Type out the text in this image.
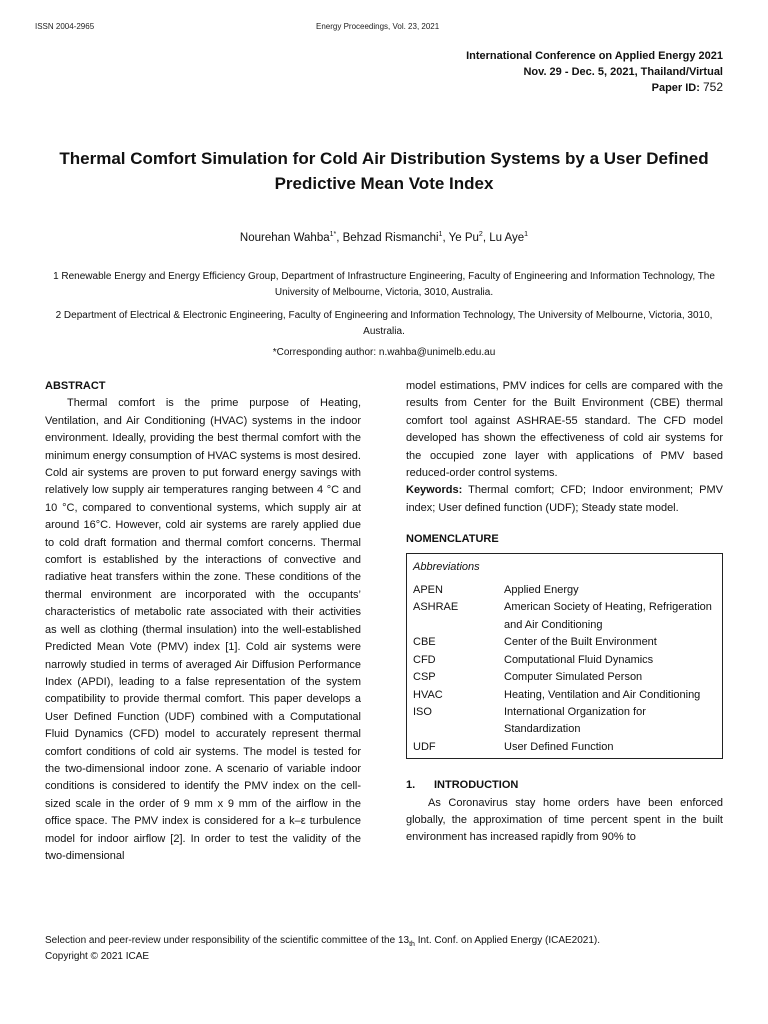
ISSN 2004-2965	Energy Proceedings, Vol. 23, 2021
International Conference on Applied Energy 2021
Nov. 29 - Dec. 5, 2021, Thailand/Virtual
Paper ID: 752
Thermal Comfort Simulation for Cold Air Distribution Systems by a User Defined Predictive Mean Vote Index
Nourehan Wahba$^{1*}$, Behzad Rismanchi$^1$, Ye Pu$^2$, Lu Aye$^1$
1 Renewable Energy and Energy Efficiency Group, Department of Infrastructure Engineering, Faculty of Engineering and Information Technology, The University of Melbourne, Victoria, 3010, Australia.
2 Department of Electrical & Electronic Engineering, Faculty of Engineering and Information Technology, The University of Melbourne, Victoria, 3010, Australia.
*Corresponding author: n.wahba@unimelb.edu.au
ABSTRACT

Thermal comfort is the prime purpose of Heating, Ventilation, and Air Conditioning (HVAC) systems in the indoor environment. Ideally, providing the best thermal comfort with the minimum energy consumption of HVAC systems is most desired. Cold air systems are proven to put forward energy savings with relatively low supply air temperatures ranging between 4 °C and 10 °C, compared to conventional systems, which supply air at around 16°C. However, cold air systems are rarely applied due to cold draft formation and thermal comfort concerns. Thermal comfort is established by the interactions of convective and radiative heat transfers within the zone. These conditions of the thermal environment are incorporated with the occupants’ characteristics of metabolic rate associated with their activities as well as clothing (thermal insulation) into the well-established Predicted Mean Vote (PMV) index [1]. Cold air systems were narrowly studied in terms of averaged Air Diffusion Performance Index (APDI), leading to a false representation of the system compatibility to provide thermal comfort. This paper develops a User Defined Function (UDF) combined with a Computational Fluid Dynamics (CFD) model to accurately represent thermal comfort conditions of cold air systems. The model is tested for the two-dimensional indoor zone. A scenario of variable indoor conditions is considered to identify the PMV index on the cell-sized scale in the order of 9 mm x 9 mm of the airflow in the office space. The PMV index is considered for a k–ε turbulence model for indoor airflow [2]. In order to test the validity of the two-dimensional

model estimations, PMV indices for cells are compared with the results from Center for the Built Environment (CBE) thermal comfort tool against ASHRAE-55 standard. The CFD model developed has shown the effectiveness of cold air systems for the occupied zone layer with applications of PMV based reduced-order control systems.

Keywords: Thermal comfort; CFD; Indoor environment; PMV index; User defined function (UDF); Steady state model.

NOMENCLATURE
Abbreviations
APEN	Applied Energy
ASHRAE	American Society of Heating, Refrigeration and Air Conditioning
CBE	Center of the Built Environment
CFD	Computational Fluid Dynamics
CSP	Computer Simulated Person
HVAC	Heating, Ventilation and Air Conditioning
ISO	International Organization for Standardization
UDF	User Defined Function
1. INTRODUCTION

As Coronavirus stay home orders have been enforced globally, the approximation of time percent spent in the built environment has increased rapidly from 90% to

Selection and peer-review under responsibility of the scientific committee of the $13_{th}$ Int. Conf. on Applied Energy (ICAE2021).
Copyright © 2021 ICAE
